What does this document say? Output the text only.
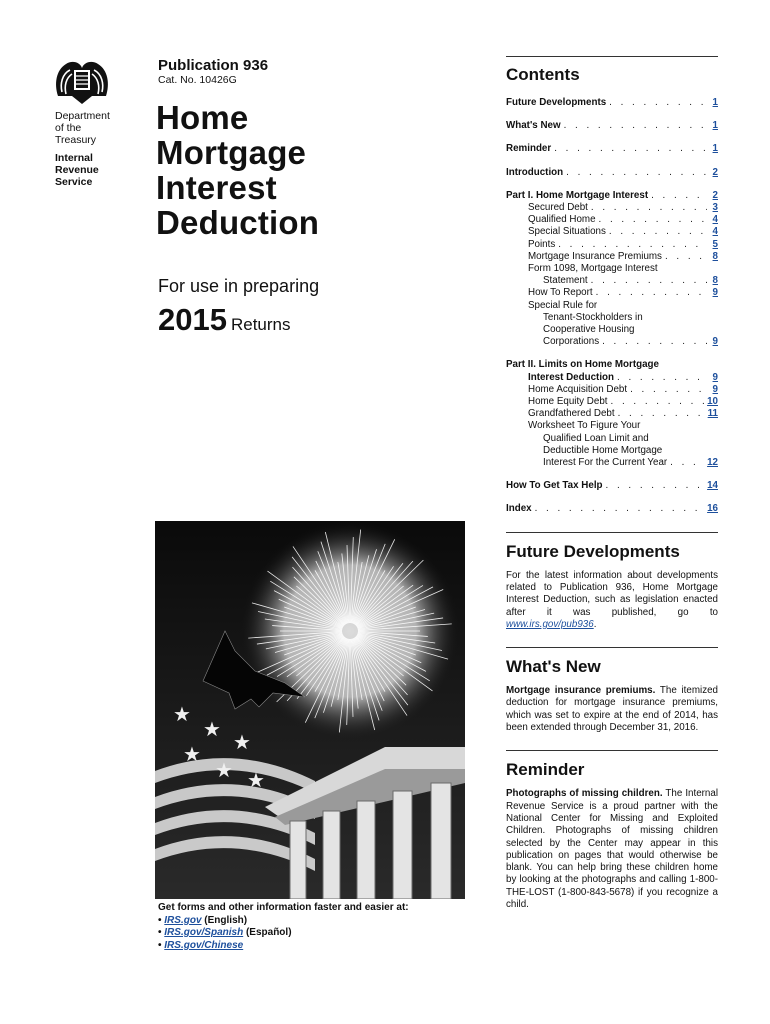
Department
of the
Treasury
Internal
Revenue
Service
Publication 936
Cat. No. 10426G
Home
Mortgage
Interest
Deduction
For use in preparing
2015 Returns
★
★
★
★
★ ★
Get forms and other information faster and easier at:
• IRS.gov (English)
• IRS.gov/Spanish (Español)
• IRS.gov/Chinese
Contents
Future Developments . . .	1
What's New . . .	1
Reminder . . .	1
Introduction . . .	2
Part I. Home Mortgage Interest . . .	2
Secured Debt . . .	3
Qualified Home . . .	4
Special Situations . . .	4
Points . . .	5
Mortgage Insurance Premiums . . .	8
Form 1098, Mortgage Interest
Statement . . .	8
How To Report . . .	9
Special Rule for
Tenant-Stockholders in
Cooperative Housing
Corporations . . .	9
Part II. Limits on Home Mortgage
Interest Deduction . . .	9
Home Acquisition Debt . . .	9
Home Equity Debt . . .	10
Grandfathered Debt . . .	11
Worksheet To Figure Your
Qualified Loan Limit and
Deductible Home Mortgage
Interest For the Current Year . . .	12
How To Get Tax Help . . .	14
Index . . .	16
Future Developments

For the latest information about developments related to Publication 936, Home Mortgage Interest Deduction, such as legislation enacted after it was published, go to www.irs.gov/pub936.

What's New

Mortgage insurance premiums. The itemized deduction for mortgage insurance premiums, which was set to expire at the end of 2014, has been extended through December 31, 2016.

Reminder

Photographs of missing children. The Internal Revenue Service is a proud partner with the National Center for Missing and Exploited Children. Photographs of missing children selected by the Center may appear in this publication on pages that would otherwise be blank. You can help bring these children home by looking at the photographs and calling 1-800-THE-LOST (1-800-843-5678) if you recognize a child.
